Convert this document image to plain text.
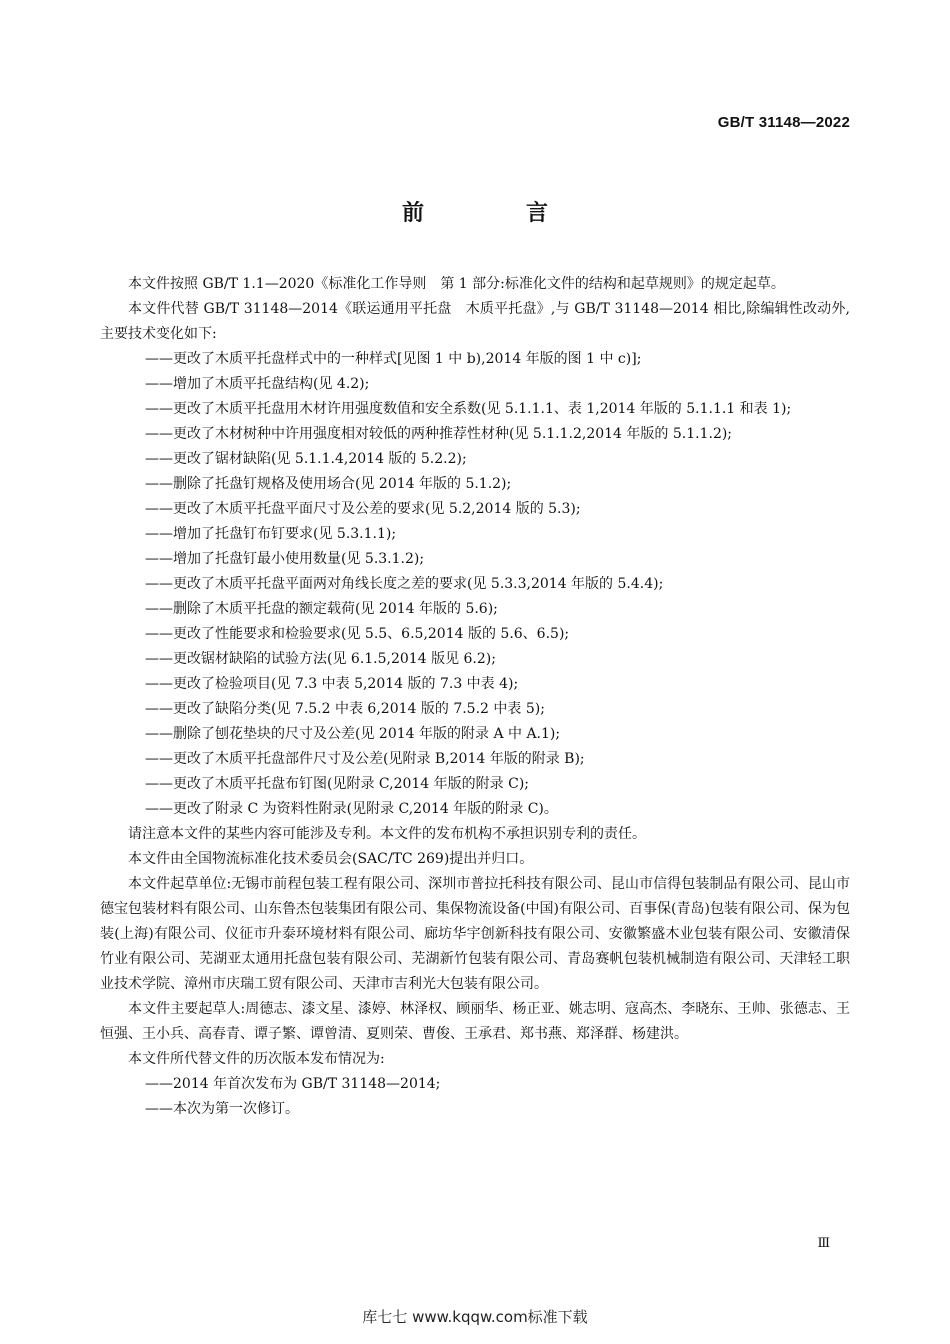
GB/T 31148—2022
前　言

本文件按照 GB/T 1.1—2020《标准化工作导则　第 1 部分:标准化文件的结构和起草规则》的规定起草。

本文件代替 GB/T 31148—2014《联运通用平托盘　木质平托盘》,与 GB/T 31148—2014 相比,除编辑性改动外,主要技术变化如下:

——更改了木质平托盘样式中的一种样式[见图 1 中 b),2014 年版的图 1 中 c)];

——增加了木质平托盘结构(见 4.2);

——更改了木质平托盘用木材许用强度数值和安全系数(见 5.1.1.1、表 1,2014 年版的 5.1.1.1 和表 1);

——更改了木材树种中许用强度相对较低的两种推荐性材种(见 5.1.1.2,2014 年版的 5.1.1.2);

——更改了锯材缺陷(见 5.1.1.4,2014 版的 5.2.2);

——删除了托盘钉规格及使用场合(见 2014 年版的 5.1.2);

——更改了木质平托盘平面尺寸及公差的要求(见 5.2,2014 版的 5.3);

——增加了托盘钉布钉要求(见 5.3.1.1);

——增加了托盘钉最小使用数量(见 5.3.1.2);

——更改了木质平托盘平面两对角线长度之差的要求(见 5.3.3,2014 年版的 5.4.4);

——删除了木质平托盘的额定载荷(见 2014 年版的 5.6);

——更改了性能要求和检验要求(见 5.5、6.5,2014 版的 5.6、6.5);

——更改锯材缺陷的试验方法(见 6.1.5,2014 版见 6.2);

——更改了检验项目(见 7.3 中表 5,2014 版的 7.3 中表 4);

——更改了缺陷分类(见 7.5.2 中表 6,2014 版的 7.5.2 中表 5);

——删除了刨花垫块的尺寸及公差(见 2014 年版的附录 A 中 A.1);

——更改了木质平托盘部件尺寸及公差(见附录 B,2014 年版的附录 B);

——更改了木质平托盘布钉图(见附录 C,2014 年版的附录 C);

——更改了附录 C 为资料性附录(见附录 C,2014 年版的附录 C)。

请注意本文件的某些内容可能涉及专利。本文件的发布机构不承担识别专利的责任。

本文件由全国物流标准化技术委员会(SAC/TC 269)提出并归口。

本文件起草单位:无锡市前程包装工程有限公司、深圳市普拉托科技有限公司、昆山市信得包装制品有限公司、昆山市德宝包装材料有限公司、山东鲁杰包装集团有限公司、集保物流设备(中国)有限公司、百事保(青岛)包装有限公司、保为包装(上海)有限公司、仪征市升泰环境材料有限公司、廊坊华宇创新科技有限公司、安徽繁盛木业包装有限公司、安徽清保竹业有限公司、芜湖亚太通用托盘包装有限公司、芜湖新竹包装有限公司、青岛赛帆包装机械制造有限公司、天津轻工职业技术学院、漳州市庆瑞工贸有限公司、天津市吉利光大包装有限公司。

本文件主要起草人:周德志、漆文星、漆婷、林泽权、顾丽华、杨正亚、姚志明、寇高杰、李晓东、王帅、张德志、王恒强、王小兵、高春青、谭子繁、谭曾清、夏则荣、曹俊、王承君、郑书燕、郑泽群、杨建洪。

本文件所代替文件的历次版本发布情况为:

——2014 年首次发布为 GB/T 31148—2014;

——本次为第一次修订。

Ⅲ
库七七 www.kqqw.com标准下载
